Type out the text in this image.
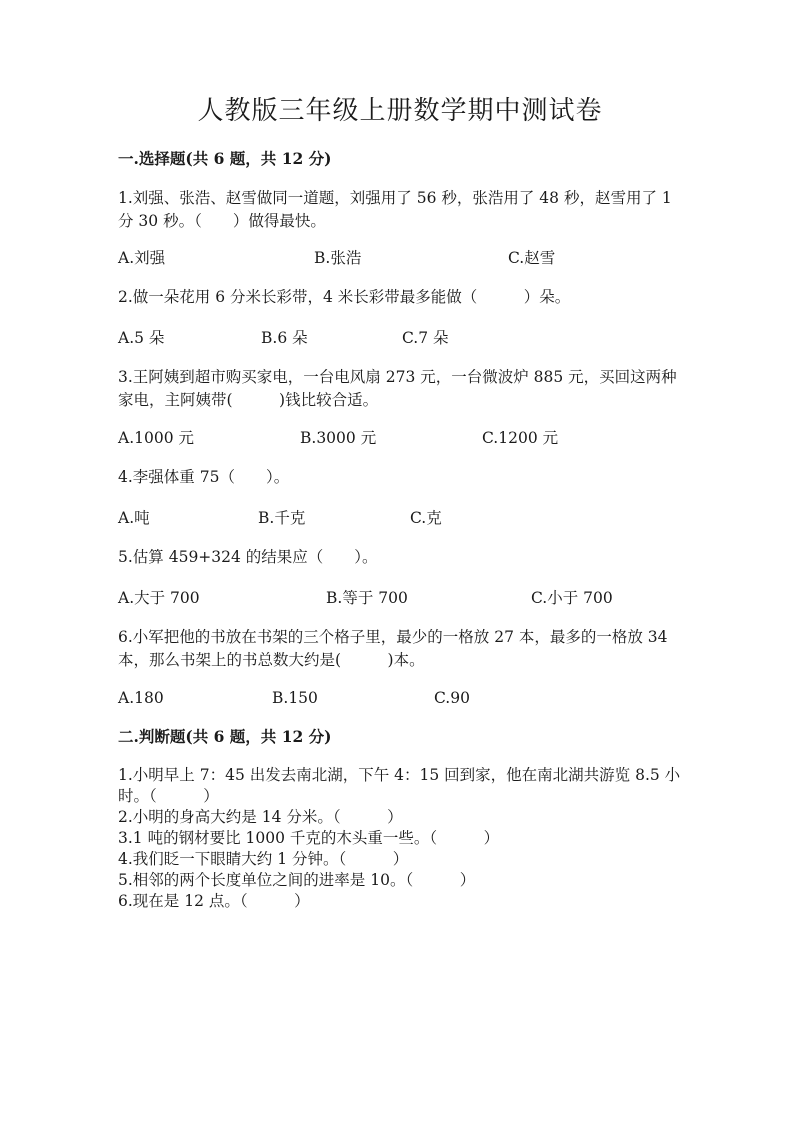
人教版三年级上册数学期中测试卷
一.选择题(共 6 题，共 12 分)
1.刘强、张浩、赵雪做同一道题，刘强用了 56 秒，张浩用了 48 秒，赵雪用了 1 分 30 秒。（　　）做得最快。
A.刘强	B.张浩	C.赵雪
2.做一朵花用 6 分米长彩带，4 米长彩带最多能做（　　　）朵。
A.5 朵	B.6 朵	C.7 朵
3.王阿姨到超市购买家电，一台电风扇 273 元，一台微波炉 885 元，买回这两种家电，主阿姨带(　　　)钱比较合适。
A.1000 元	B.3000 元	C.1200 元
4.李强体重 75（　　）。
A.吨	B.千克	C.克
5.估算 459+324 的结果应（　　）。
A.大于 700	B.等于 700	C.小于 700
6.小军把他的书放在书架的三个格子里，最少的一格放 27 本，最多的一格放 34 本，那么书架上的书总数大约是(　　　)本。
A.180	B.150	C.90
二.判断题(共 6 题，共 12 分)
1.小明早上 7：45 出发去南北湖，下午 4：15 回到家，他在南北湖共游览 8.5 小时。（　　　）
2.小明的身高大约是 14 分米。（　　　）
3.1 吨的钢材要比 1000 千克的木头重一些。（　　　）
4.我们眨一下眼睛大约 1 分钟。（　　　）
5.相邻的两个长度单位之间的进率是 10。（　　　）
6.现在是 12 点。（　　　）
